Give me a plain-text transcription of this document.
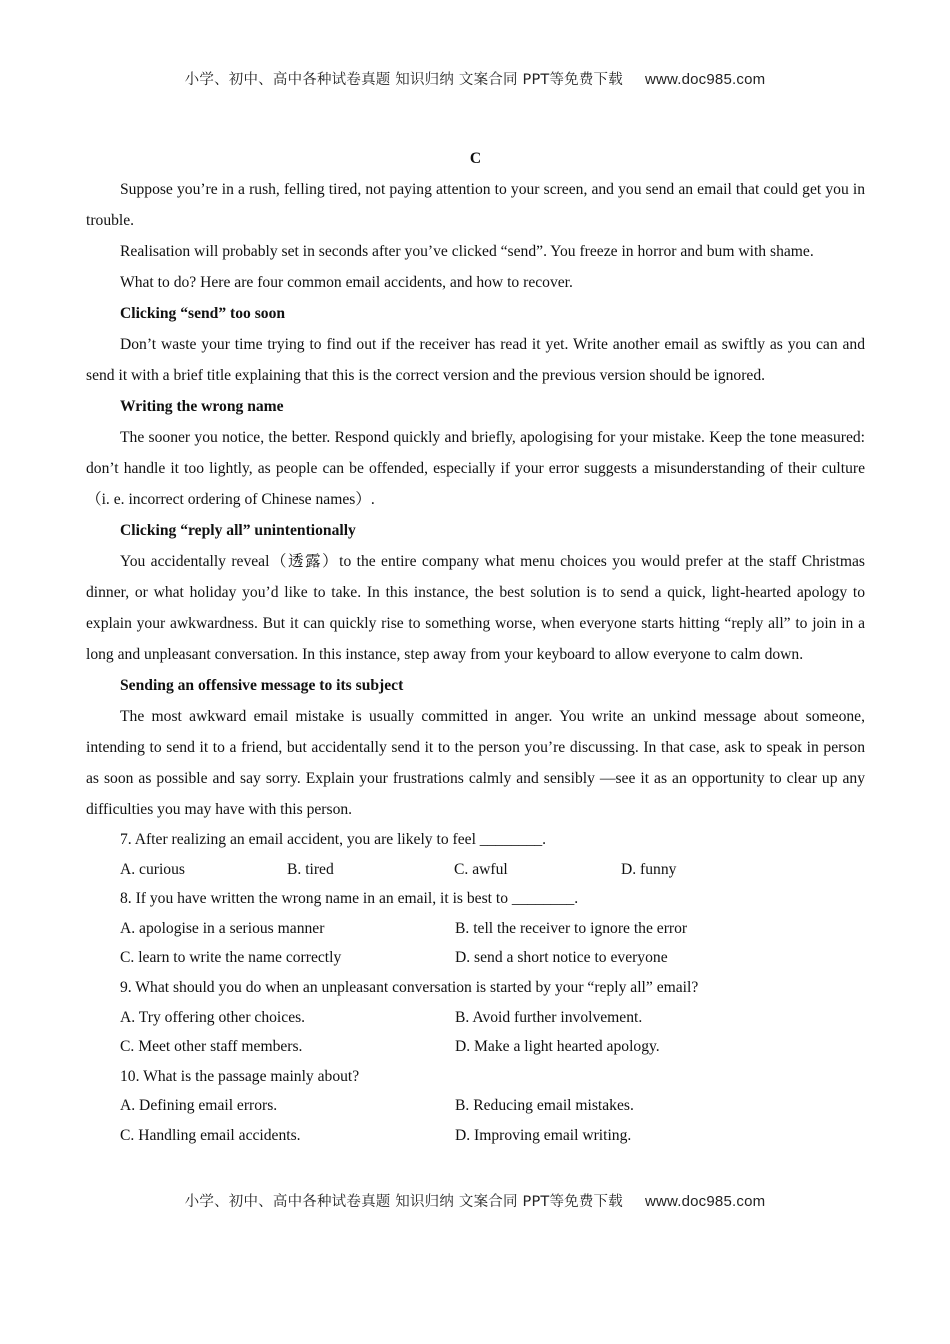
小学、初中、高中各种试卷真题 知识归纳 文案合同 PPT等免费下载 www.doc985.com
C

Suppose you’re in a rush, felling tired, not paying attention to your screen, and you send an email that could get you in trouble.

Realisation will probably set in seconds after you’ve clicked “send”. You freeze in horror and bum with shame.

What to do? Here are four common email accidents, and how to recover.

Clicking “send” too soon

Don’t waste your time trying to find out if the receiver has read it yet. Write another email as swiftly as you can and send it with a brief title explaining that this is the correct version and the previous version should be ignored.

Writing the wrong name

The sooner you notice, the better. Respond quickly and briefly, apologising for your mistake. Keep the tone measured: don’t handle it too lightly, as people can be offended, especially if your error suggests a misunderstanding of their culture （i. e. incorrect ordering of Chinese names）.

Clicking “reply all” unintentionally

You accidentally reveal（透露）to the entire company what menu choices you would prefer at the staff Christmas dinner, or what holiday you’d like to take. In this instance, the best solution is to send a quick, light-hearted apology to explain your awkwardness. But it can quickly rise to something worse, when everyone starts hitting “reply all” to join in a long and unpleasant conversation. In this instance, step away from your keyboard to allow everyone to calm down.

Sending an offensive message to its subject

The most awkward email mistake is usually committed in anger. You write an unkind message about someone, intending to send it to a friend, but accidentally send it to the person you’re discussing. In that case, ask to speak in person as soon as possible and say sorry. Explain your frustrations calmly and sensibly —see it as an opportunity to clear up any difficulties you may have with this person.

7. After realizing an email accident, you are likely to feel ________.

A. curious	B. tired	C. awful	D. funny

8. If you have written the wrong name in an email, it is best to ________.

A. apologise in a serious manner	B. tell the receiver to ignore the error
C. learn to write the name correctly	D. send a short notice to everyone

9. What should you do when an unpleasant conversation is started by your “reply all” email?

A. Try offering other choices.	B. Avoid further involvement.
C. Meet other staff members.	D. Make a light hearted apology.

10. What is the passage mainly about?

A. Defining email errors.	B. Reducing email mistakes.
C. Handling email accidents.	D. Improving email writing.
小学、初中、高中各种试卷真题 知识归纳 文案合同 PPT等免费下载 www.doc985.com
